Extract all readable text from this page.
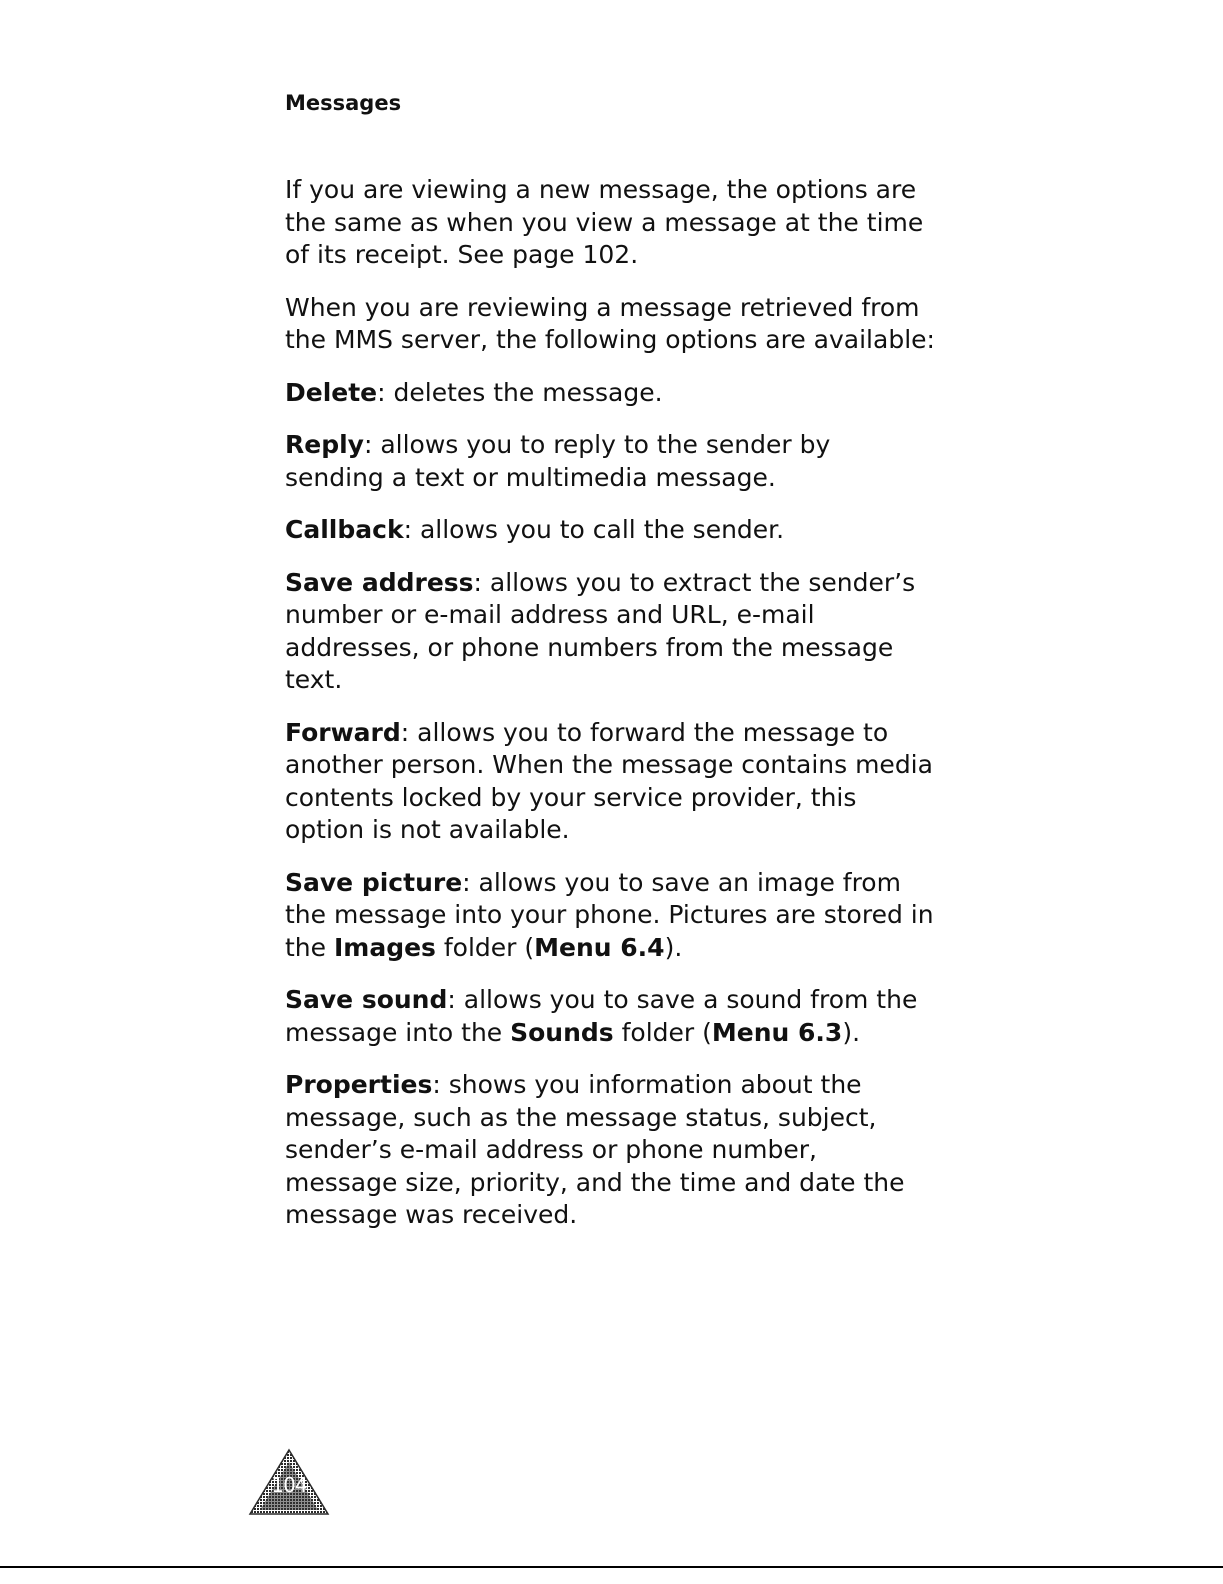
Messages

If you are viewing a new message, the options are the same as when you view a message at the time of its receipt. See page 102.

When you are reviewing a message retrieved from the MMS server, the following options are available:

Delete: deletes the message.

Reply: allows you to reply to the sender by sending a text or multimedia message.

Callback: allows you to call the sender.

Save address: allows you to extract the sender’s number or e-mail address and URL, e-mail addresses, or phone numbers from the message text.

Forward: allows you to forward the message to another person. When the message contains media contents locked by your service provider, this option is not available.

Save picture: allows you to save an image from the message into your phone. Pictures are stored in the Images folder (Menu 6.4).

Save sound: allows you to save a sound from the message into the Sounds folder (Menu 6.3).

Properties: shows you information about the message, such as the message status, subject, sender’s e-mail address or phone number, message size, priority, and the time and date the message was received.

104
